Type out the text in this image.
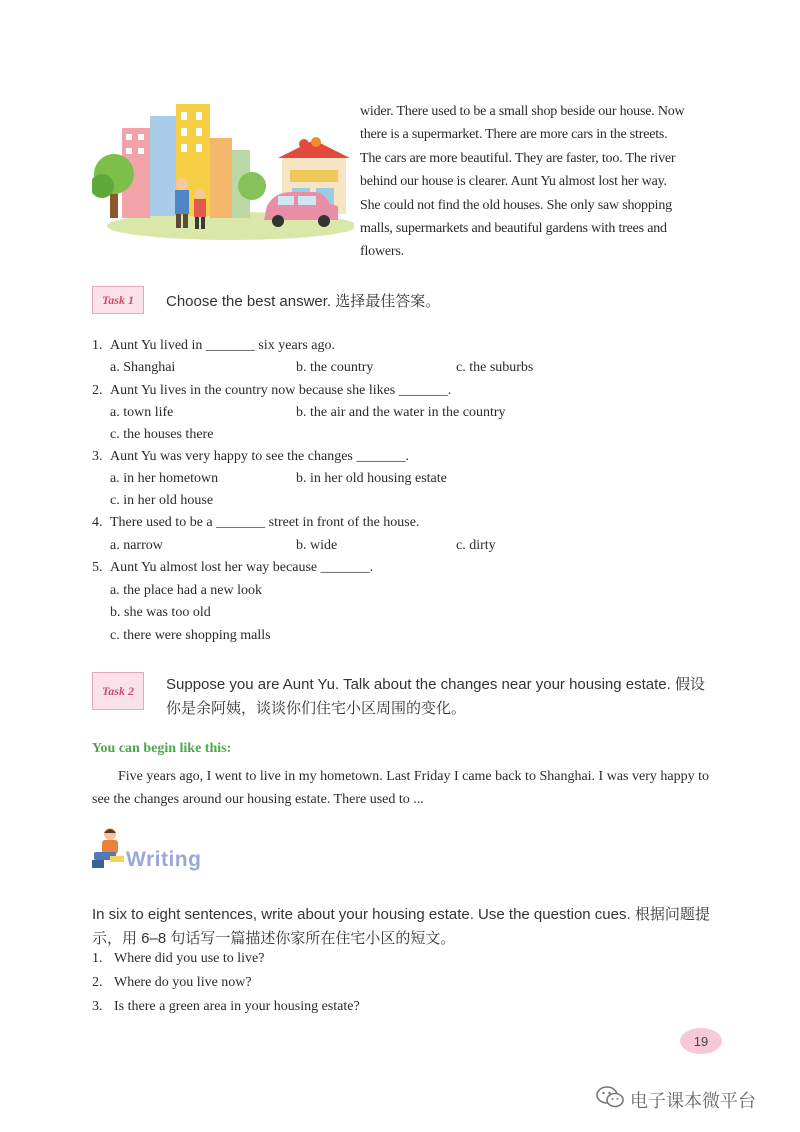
wider. There used to be a small shop beside our house. Now
there is a supermarket. There are more cars in the streets.
The cars are more beautiful. They are faster, too. The river
behind our house is clearer. Aunt Yu almost lost her way.
She could not find the old houses. She only saw shopping
malls, supermarkets and beautiful gardens with trees and
flowers.
Task 1	Choose the best answer. 选择最佳答案。
1. Aunt Yu lived in _______ six years ago.
a. Shanghai	b. the country	c. the suburbs
2. Aunt Yu lives in the country now because she likes _______.
a. town life	b. the air and the water in the country
c. the houses there
3. Aunt Yu was very happy to see the changes _______.
a. in her hometown	b. in her old housing estate
c. in her old house
4. There used to be a _______ street in front of the house.
a. narrow	b. wide	c. dirty
5. Aunt Yu almost lost her way because _______.
a. the place had a new look
b. she was too old
c. there were shopping malls
Task 2	Suppose you are Aunt Yu. Talk about the changes near your housing estate. 假设
你是余阿姨，谈谈你们住宅小区周围的变化。
You can begin like this:
Five years ago, I went to live in my hometown. Last Friday I came back to Shanghai. I was very happy to see the changes around our housing estate. There used to ...
Writing
In six to eight sentences, write about your housing estate. Use the question cues. 根据问题提
示，用 6–8 句话写一篇描述你家所在住宅小区的短文。
1. Where did you use to live?
2. Where do you live now?
3. Is there a green area in your housing estate?
19
电子课本微平台
